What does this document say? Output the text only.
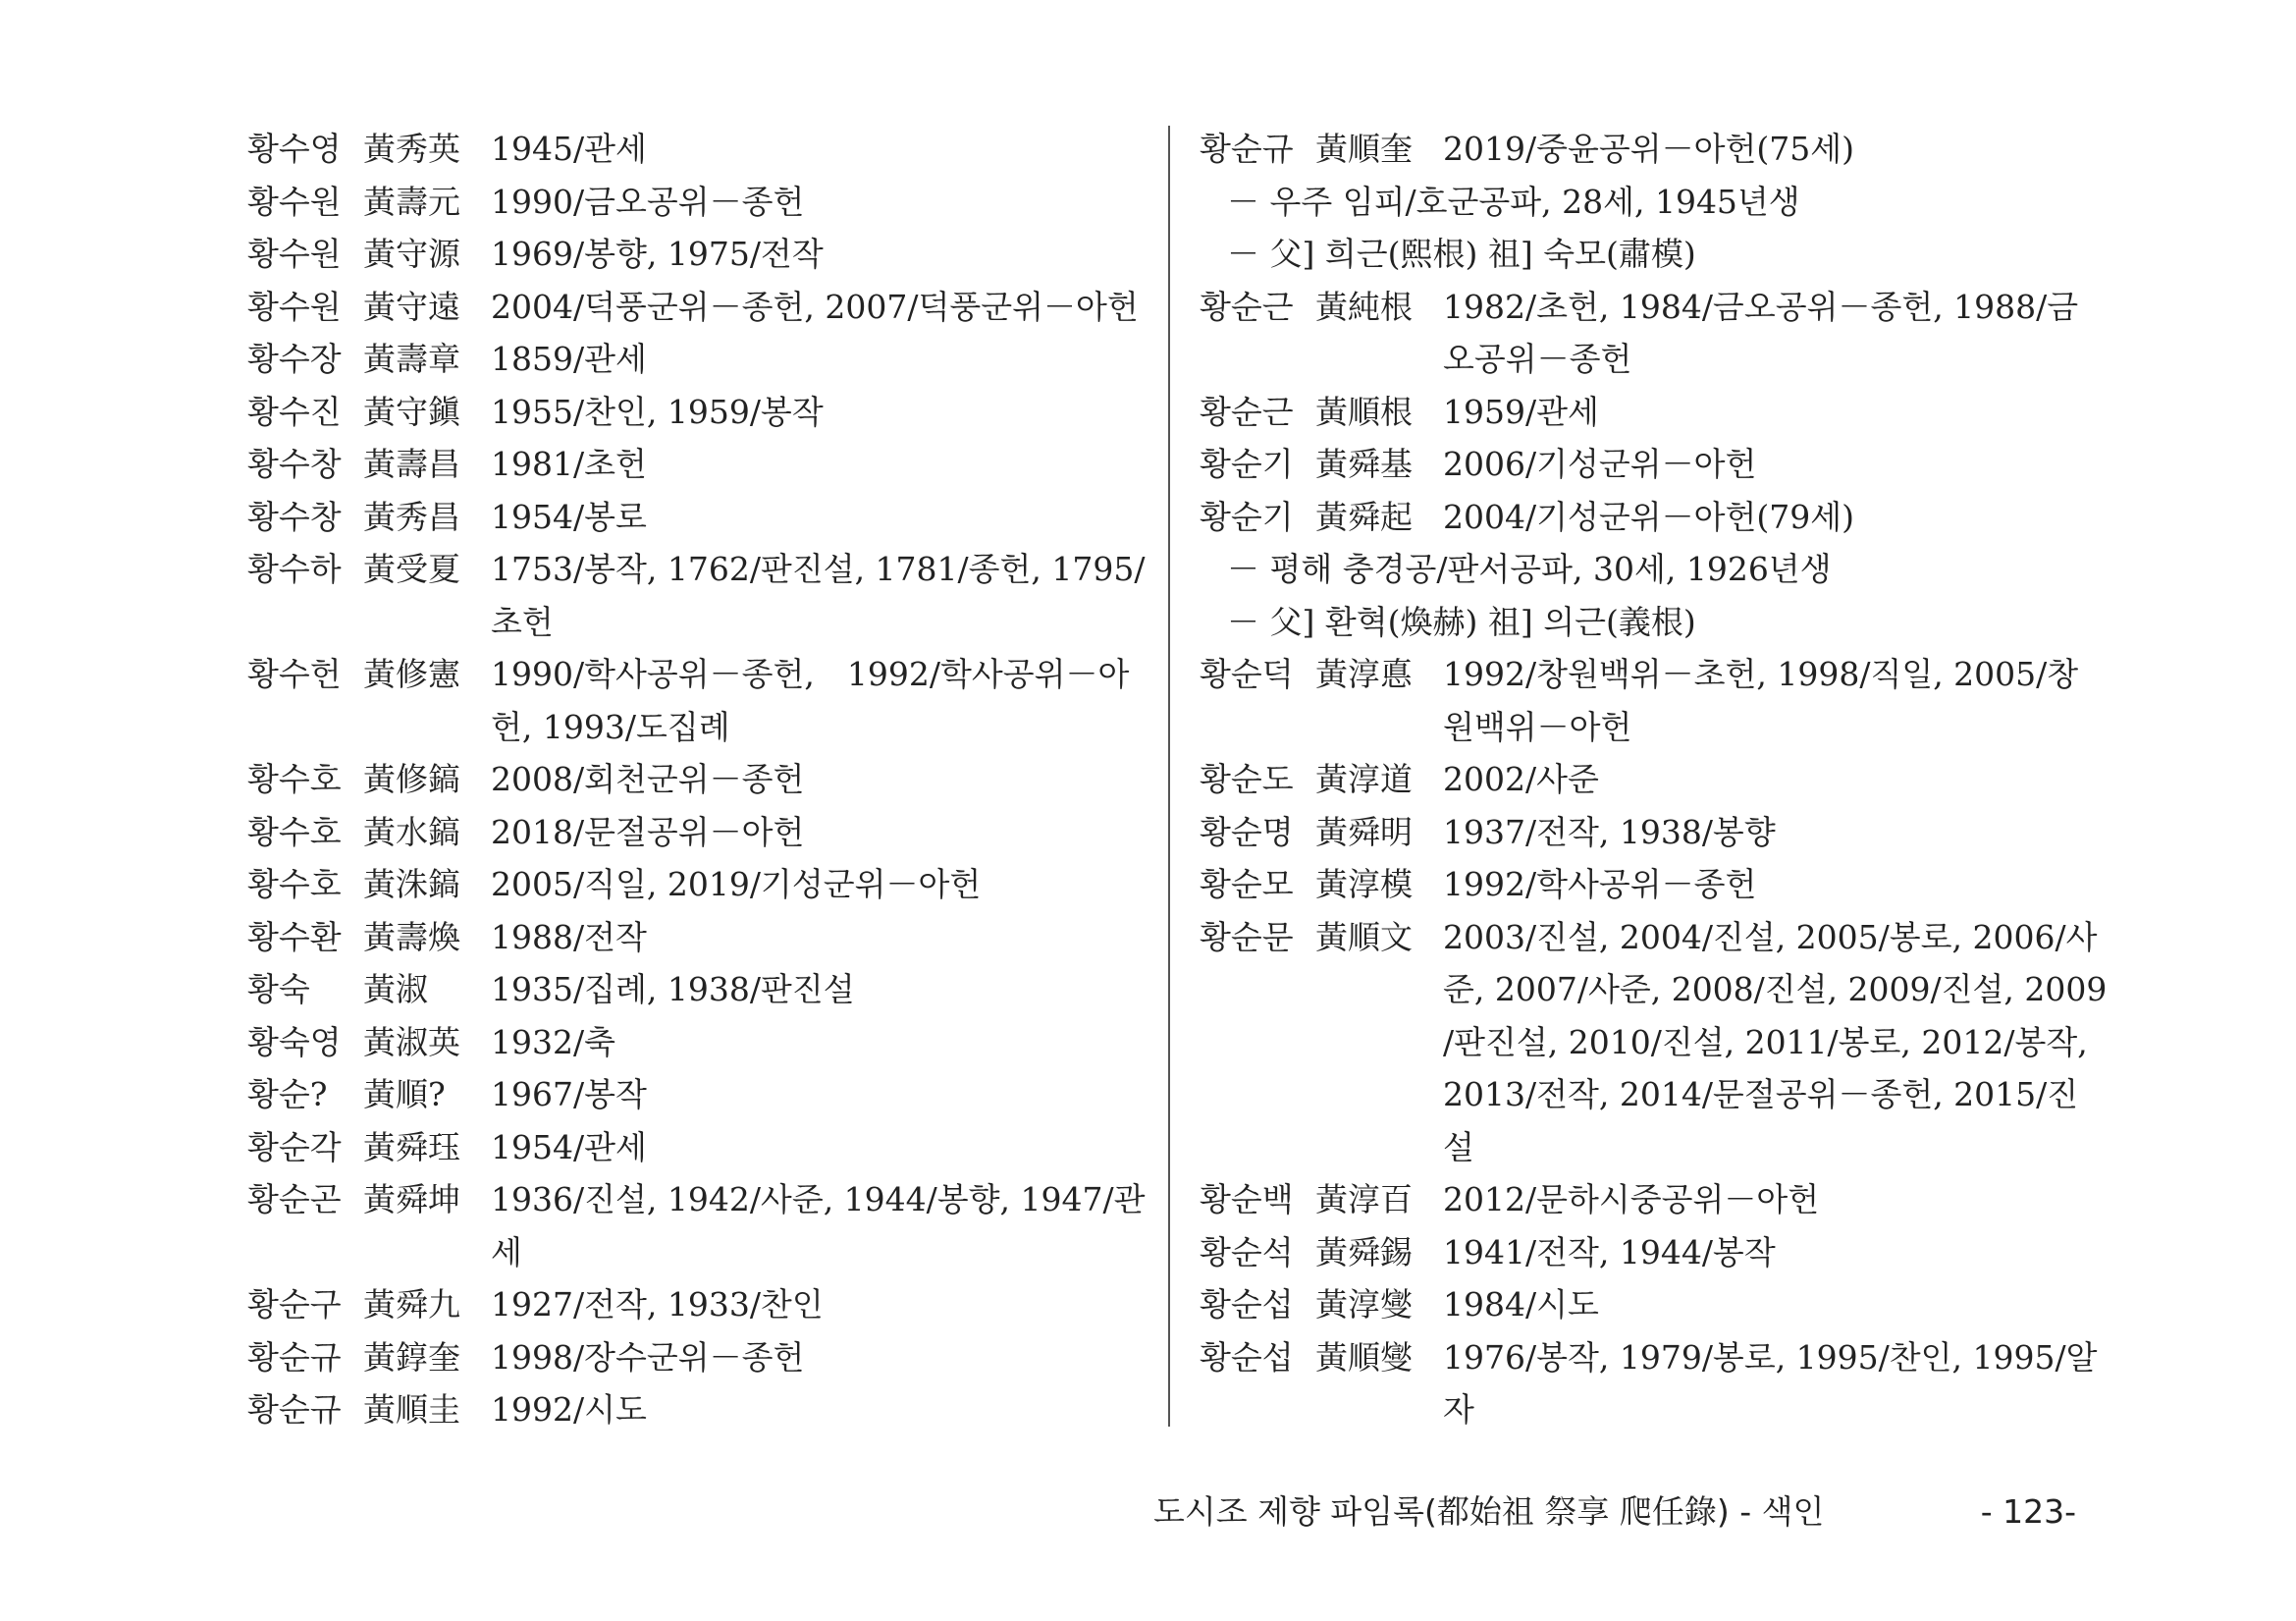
황수영 黃秀英 1945/관세
황수원 黃壽元 1990/금오공위－종헌
황수원 黃守源 1969/봉향, 1975/전작
황수원 黃守遠 2004/덕풍군위－종헌, 2007/덕풍군위－아헌
황수장 黃壽章 1859/관세
황수진 黃守鎭 1955/찬인, 1959/봉작
황수창 黃壽昌 1981/초헌
황수창 黃秀昌 1954/봉로
황수하 黃受夏 1753/봉작, 1762/판진설, 1781/종헌, 1795/
초헌
황수헌 黃修憲 1990/학사공위－종헌,　1992/학사공위－아
헌, 1993/도집례
황수호 黃修鎬 2008/회천군위－종헌
황수호 黃水鎬 2018/문절공위－아헌
황수호 黃洙鎬 2005/직일, 2019/기성군위－아헌
황수환 黃壽煥 1988/전작
황숙 黃淑 1935/집례, 1938/판진설
황숙영 黃淑英 1932/축
황순? 黃順? 1967/봉작
황순각 黃舜珏 1954/관세
황순곤 黃舜坤 1936/진설, 1942/사준, 1944/봉향, 1947/관
세
황순구 黃舜九 1927/전작, 1933/찬인
황순규 黃錞奎 1998/장수군위－종헌
황순규 黃順圭 1992/시도
황순규 黃順奎 2019/중윤공위－아헌(75세)
－ 우주 임피/호군공파, 28세, 1945년생
－ 父] 희근(熙根) 祖] 숙모(肅模)
황순근 黃純根 1982/초헌, 1984/금오공위－종헌, 1988/금
오공위－종헌
황순근 黃順根 1959/관세
황순기 黃舜基 2006/기성군위－아헌
황순기 黃舜起 2004/기성군위－아헌(79세)
－ 평해 충경공/판서공파, 30세, 1926년생
－ 父] 환혁(煥赫) 祖] 의근(義根)
황순덕 黃淳悳 1992/창원백위－초헌, 1998/직일, 2005/창
원백위－아헌
황순도 黃淳道 2002/사준
황순명 黃舜明 1937/전작, 1938/봉향
황순모 黃淳模 1992/학사공위－종헌
황순문 黃順文 2003/진설, 2004/진설, 2005/봉로, 2006/사
준, 2007/사준, 2008/진설, 2009/진설, 2009
/판진설, 2010/진설, 2011/봉로, 2012/봉작,
2013/전작, 2014/문절공위－종헌, 2015/진
설
황순백 黃淳百 2012/문하시중공위－아헌
황순석 黃舜錫 1941/전작, 1944/봉작
황순섭 黃淳燮 1984/시도
황순섭 黃順燮 1976/봉작, 1979/봉로, 1995/찬인, 1995/알
자
도시조 제향 파임록(都始祖 祭享 爬任錄) - 색인	- 123-
